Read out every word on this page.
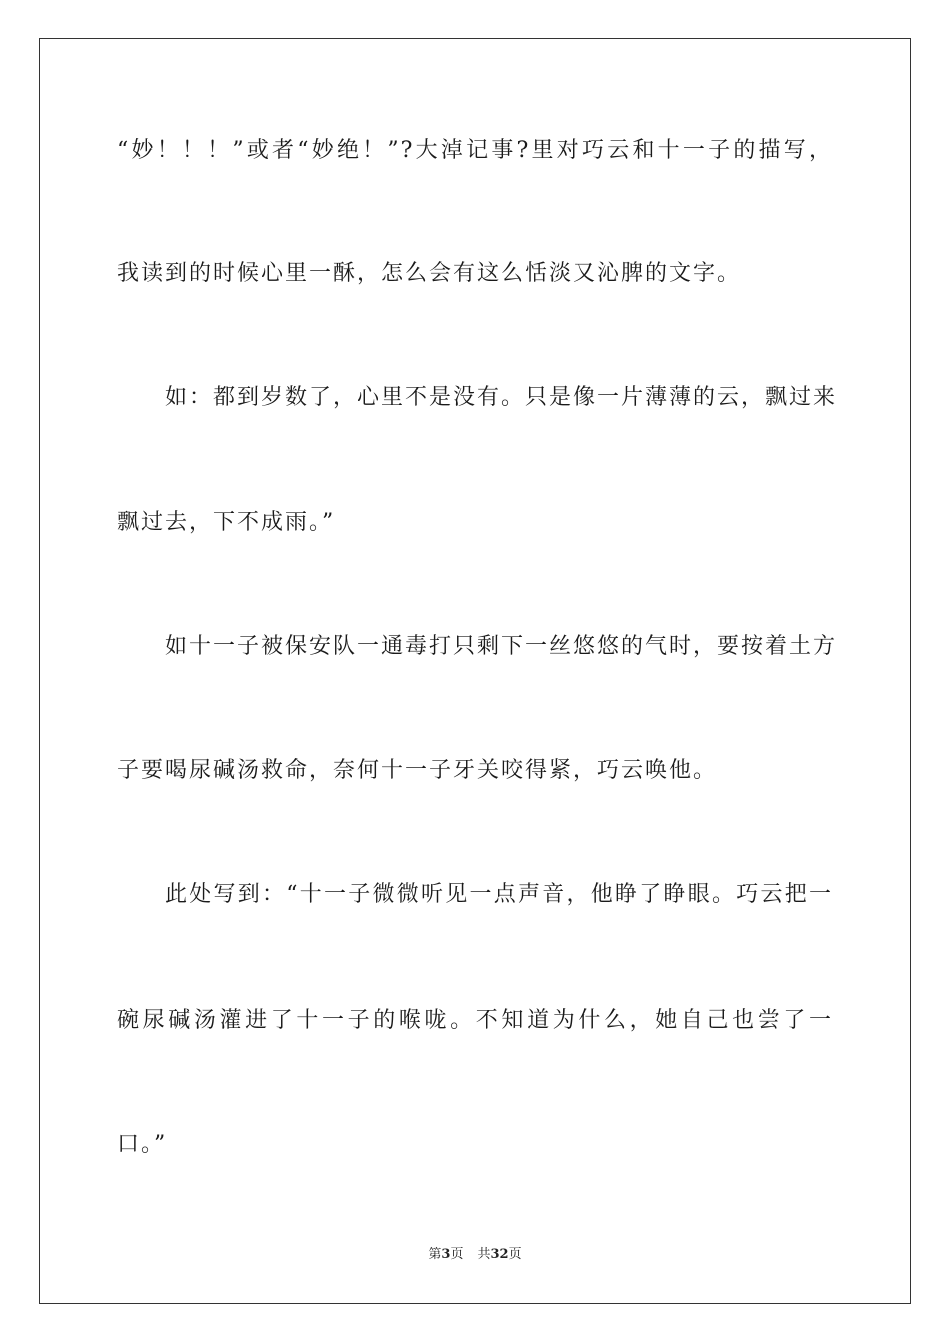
“妙！！！”或者“妙绝！”?大淖记事?里对巧云和十一子的描写，
我读到的时候心里一酥，怎么会有这么恬淡又沁脾的文字。
如：都到岁数了，心里不是没有。只是像一片薄薄的云，飘过来
飘过去，下不成雨。”
如十一子被保安队一通毒打只剩下一丝悠悠的气时，要按着土方
子要喝尿碱汤救命，奈何十一子牙关咬得紧，巧云唤他。
此处写到：“十一子微微听见一点声音，他睁了睁眼。巧云把一
碗尿碱汤灌进了十一子的喉咙。不知道为什么，她自己也尝了一
口。”
第3页 共32页
